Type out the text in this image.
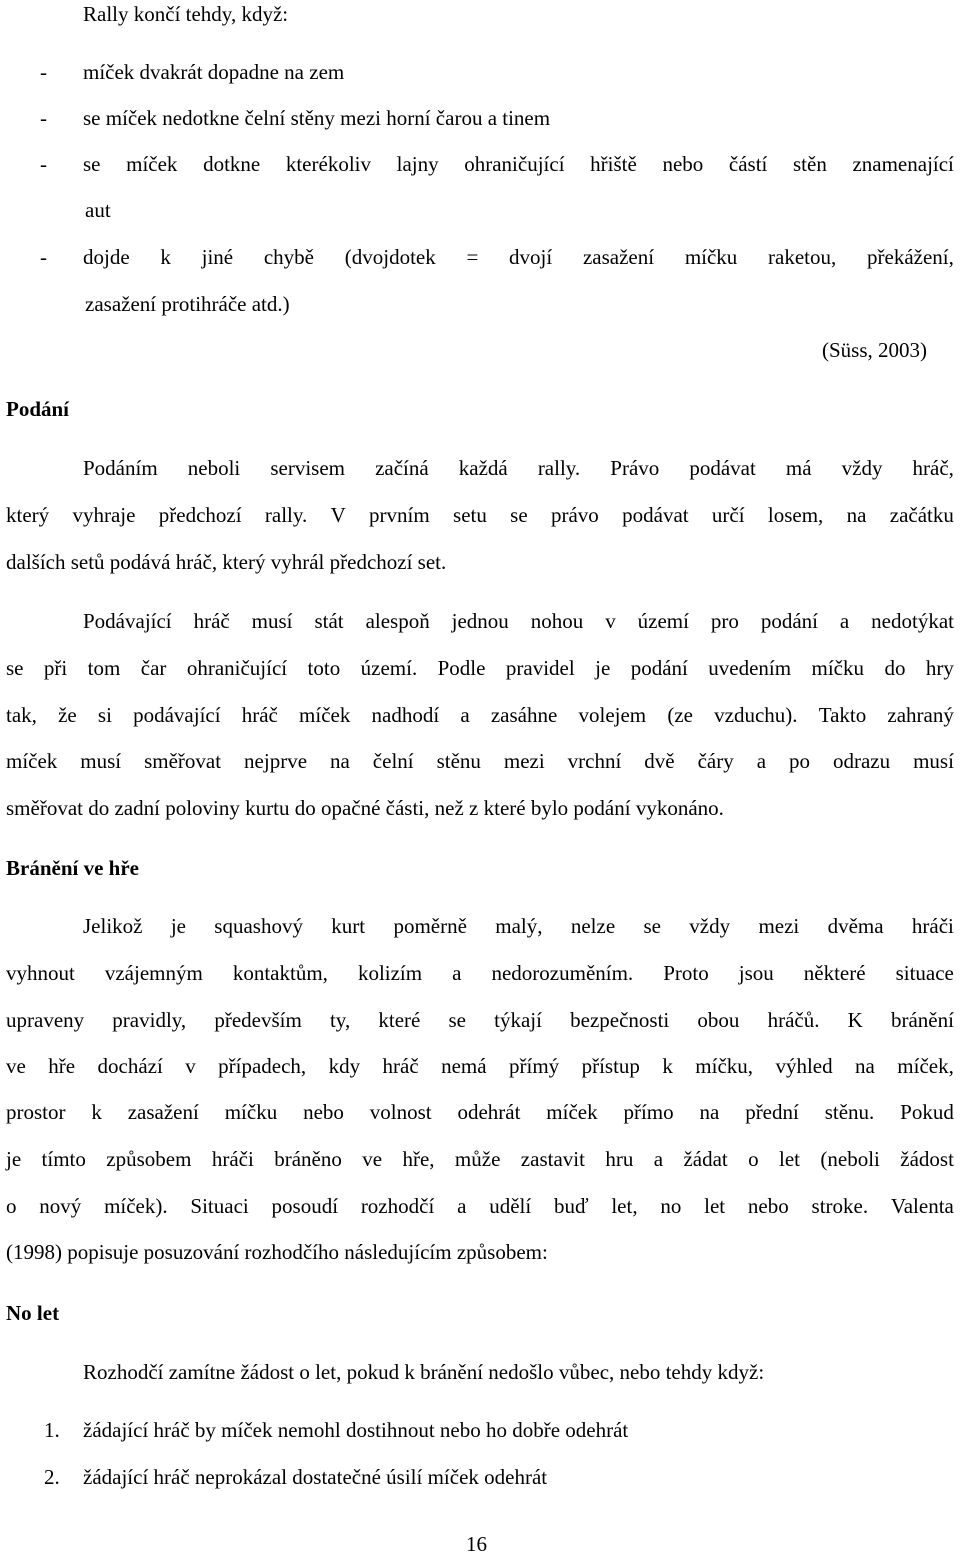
Rally končí tehdy, když:
- míček dvakrát dopadne na zem
- se míček nedotkne čelní stěny mezi horní čarou a tinem
- se míček dotkne kterékoliv lajny ohraničující hřiště nebo částí stěn znamenající
aut
- dojde k jiné chybě (dvojdotek = dvojí zasažení míčku raketou, překážení,
zasažení protihráče atd.)
(Süss, 2003)
Podání
Podáním neboli servisem začíná každá rally. Právo podávat má vždy hráč,
který vyhraje předchozí rally. V prvním setu se právo podávat určí losem, na začátku
dalších setů podává hráč, který vyhrál předchozí set.
Podávající hráč musí stát alespoň jednou nohou v území pro podání a nedotýkat
se při tom čar ohraničující toto území. Podle pravidel je podání uvedením míčku do hry
tak, že si podávající hráč míček nadhodí a zasáhne volejem (ze vzduchu). Takto zahraný
míček musí směřovat nejprve na čelní stěnu mezi vrchní dvě čáry a po odrazu musí
směřovat do zadní poloviny kurtu do opačné části, než z které bylo podání vykonáno.
Bránění ve hře
Jelikož je squashový kurt poměrně malý, nelze se vždy mezi dvěma hráči
vyhnout vzájemným kontaktům, kolizím a nedorozuměním. Proto jsou některé situace
upraveny pravidly, především ty, které se týkají bezpečnosti obou hráčů. K bránění
ve hře dochází v případech, kdy hráč nemá přímý přístup k míčku, výhled na míček,
prostor k zasažení míčku nebo volnost odehrát míček přímo na přední stěnu. Pokud
je tímto způsobem hráči bráněno ve hře, může zastavit hru a žádat o let (neboli žádost
o nový míček). Situaci posoudí rozhodčí a udělí buď let, no let nebo stroke. Valenta
(1998) popisuje posuzování rozhodčího následujícím způsobem:
No let
Rozhodčí zamítne žádost o let, pokud k bránění nedošlo vůbec, nebo tehdy když:
1. žádající hráč by míček nemohl dostihnout nebo ho dobře odehrát
2. žádající hráč neprokázal dostatečné úsilí míček odehrát
16
